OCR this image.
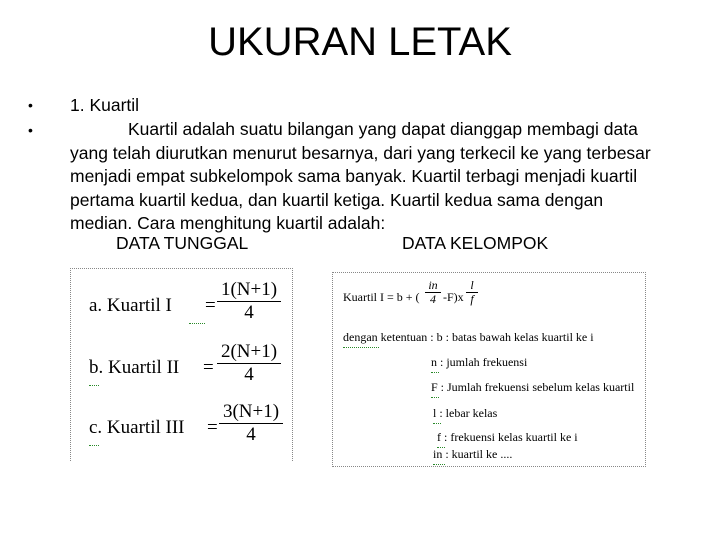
UKURAN LETAK
•
•
1. Kuartil
Kuartil adalah suatu bilangan yang dapat dianggap membagi data
yang telah diurutkan menurut besarnya, dari yang terkecil ke yang terbesar
menjadi empat subkelompok sama banyak. Kuartil terbagi menjadi kuartil
pertama kuartil kedua, dan kuartil ketiga. Kuartil kedua sama dengan
median. Cara menghitung kuartil adalah:
DATA TUNGGAL	DATA KELOMPOK
a. Kuartil $I = \frac{1(N+1)}{4}$
b. Kuartil II = $\frac{2(N+1)}{4}$
c. Kuartil III = $\frac{3(N+1)}{4}$
Kuartil I = b + ( $\frac{in}{4} -F)x \frac{l}{f}$
dengan ketentuan : b : batas bawah kelas kuartil ke i
n : jumlah frekuensi
F : Jumlah frekuensi sebelum kelas kuartil
l : lebar kelas
f : frekuensi kelas kuartil ke i
in : kuartil ke ....
